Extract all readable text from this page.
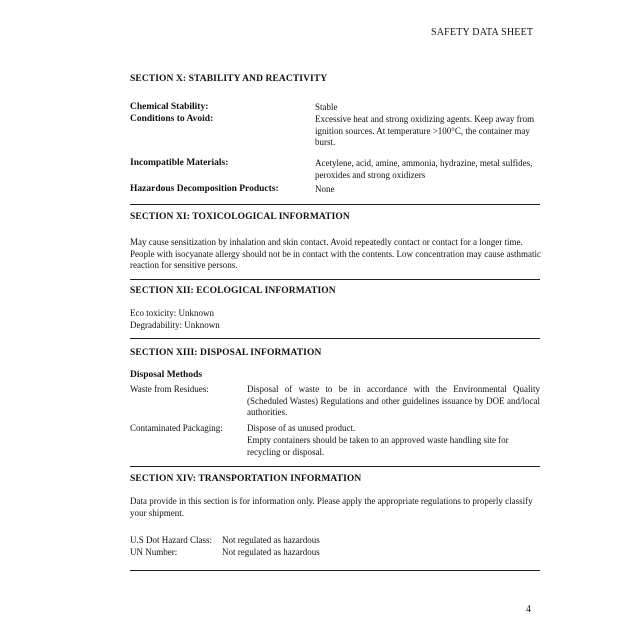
SAFETY DATA SHEET
SECTION X: STABILITY AND REACTIVITY
Chemical Stability:	Stable
Conditions to Avoid:	Excessive heat and strong oxidizing agents. Keep away from ignition sources. At temperature >100°C, the container may burst.
Incompatible Materials:	Acetylene, acid, amine, ammonia, hydrazine, metal sulfides, peroxides and strong oxidizers
Hazardous Decomposition Products:	None
SECTION XI: TOXICOLOGICAL INFORMATION
May cause sensitization by inhalation and skin contact. Avoid repeatedly contact or contact for a longer time. People with isocyanate allergy should not be in contact with the contents. Low concentration may cause asthmatic reaction for sensitive persons.
SECTION XII: ECOLOGICAL INFORMATION
Eco toxicity: Unknown
Degradability: Unknown
SECTION XIII: DISPOSAL INFORMATION
Disposal Methods
Waste from Residues:	Disposal of waste to be in accordance with the Environmental Quality (Scheduled Wastes) Regulations and other guidelines issuance by DOE and/local authorities.
Contaminated Packaging:	Dispose of as unused product.
Empty containers should be taken to an approved waste handling site for recycling or disposal.
SECTION XIV: TRANSPORTATION INFORMATION
Data provide in this section is for information only. Please apply the appropriate regulations to properly classify your shipment.
U.S Dot Hazard Class: Not regulated as hazardous
UN Number:	Not regulated as hazardous
4
